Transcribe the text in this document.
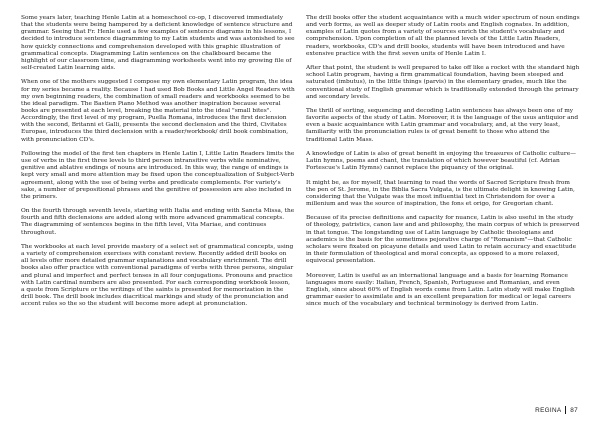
Some years later, teaching Henle Latin at a homeschool co-op, I discovered immediately that the students were being hampered by a deficient knowledge of sentence structure and grammar. Seeing that Fr. Henle used a few examples of sentence diagrams in his lessons, I decided to introduce sentence diagramming to my Latin students and was astonished to see how quickly connections and comprehension developed with this graphic illustration of grammatical concepts. Diagramming Latin sentences on the chalkboard became the highlight of our classroom time, and diagramming worksheets went into my growing file of self-created Latin learning aids.

When one of the mothers suggested I compose my own elementary Latin program, the idea for my series became a reality. Because I had used Bob Books and Little Angel Readers with my own beginning readers, the combination of small readers and workbooks seemed to be the ideal paradigm. The Bastien Piano Method was another inspiration because several books are presented at each level, breaking the material into the ideal "small bites". Accordingly, the first level of my program, Puella Romana, introduces the first declension with the second, Britanni et Galli, presents the second declension and the third, Civitates Europae, introduces the third declension with a reader/workbook/ drill book combination, with pronunciation CD's.

Following the model of the first ten chapters in Henle Latin I, Little Latin Readers limits the use of verbs in the first three levels to third person intransitive verbs while nominative, genitive and ablative endings of nouns are introduced. In this way, the range of endings is kept very small and more attention may be fixed upon the conceptualization of Subject-Verb agreement, along with the use of being verbs and predicate complements. For variety's sake, a number of prepositional phrases and the genitive of possession are also included in the primers.

On the fourth through seventh levels, starting with Italia and ending with Sancta Missa, the fourth and fifth declensions are added along with more advanced grammatical concepts. The diagramming of sentences begins in the fifth level, Vita Mariae, and continues throughout.

The workbooks at each level provide mastery of a select set of grammatical concepts, using a variety of comprehension exercises with constant review. Recently added drill books on all levels offer more detailed grammar explanations and vocabulary enrichment. The drill books also offer practice with conventional paradigms of verbs with three persons, singular and plural and imperfect and perfect tenses in all four conjugations. Pronouns and practice with Latin cardinal numbers are also presented. For each corresponding workbook lesson, a quote from Scripture or the writings of the saints is presented for memorization in the drill book. The drill book includes diacritical markings and study of the pronunciation and accent rules so the so the student will become more adept at pronunciation.

The drill books offer the student acquaintance with a much wider spectrum of noun endings and verb forms, as well as deeper study of Latin roots and English cognates. In addition, examples of Latin quotes from a variety of sources enrich the student's vocabulary and comprehension. Upon completion of all the planned levels of the Little Latin Readers, readers, workbooks, CD's and drill books, students will have been introduced and have extensive practice with the first seven units of Henle Latin I.

After that point, the student is well prepared to take off like a rocket with the standard high school Latin program, having a firm grammatical foundation, having been steeped and saturated (imbutus), in the little things (parvis) in the elementary grades, much like the conventional study of English grammar which is traditionally extended through the primary and secondary levels.

The thrill of sorting, sequencing and decoding Latin sentences has always been one of my favorite aspects of the study of Latin. Moreover, it is the language of the usus antiquior and even a basic acquaintance with Latin grammar and vocabulary, and, at the very least, familiarity with the pronunciation rules is of great benefit to those who attend the traditional Latin Mass.

A knowledge of Latin is also of great benefit in enjoying the treasures of Catholic culture—Latin hymns, poems and chant, the translation of which however beautiful (cf. Adrian Fortescue's Latin Hymns) cannot replace the piquancy of the original.

It might be, as for myself, that learning to read the words of Sacred Scripture fresh from the pen of St. Jerome, in the Biblia Sacra Vulgata, is the ultimate delight in knowing Latin, considering that the Vulgate was the most influential text in Christendom for over a millenium and was the source of inspiration, the fons et origo, for Gregorian chant.

Because of its precise definitions and capacity for nuance, Latin is also useful in the study of theology, patristics, canon law and and philosophy, the main corpus of which is preserved in that tongue. The longstanding use of Latin language by Catholic theologians and academics is the basis for the sometimes pejorative charge of "Romanism"—that Catholic scholars were fixated on picayune details and used Latin to retain accuracy and exactitude in their formulation of theological and moral concepts, as opposed to a more relaxed, equivocal presentation.

Moreover, Latin is useful as an international language and a basis for learning Romance languages more easily: Italian, French, Spanish, Portuguese and Romanian, and even English, since about 60% of English words come from Latin. Latin study will make English grammar easier to assimilate and is an excellent preparation for medical or legal careers since much of the vocabulary and technical terminology is derived from Latin.

REGINA 87
